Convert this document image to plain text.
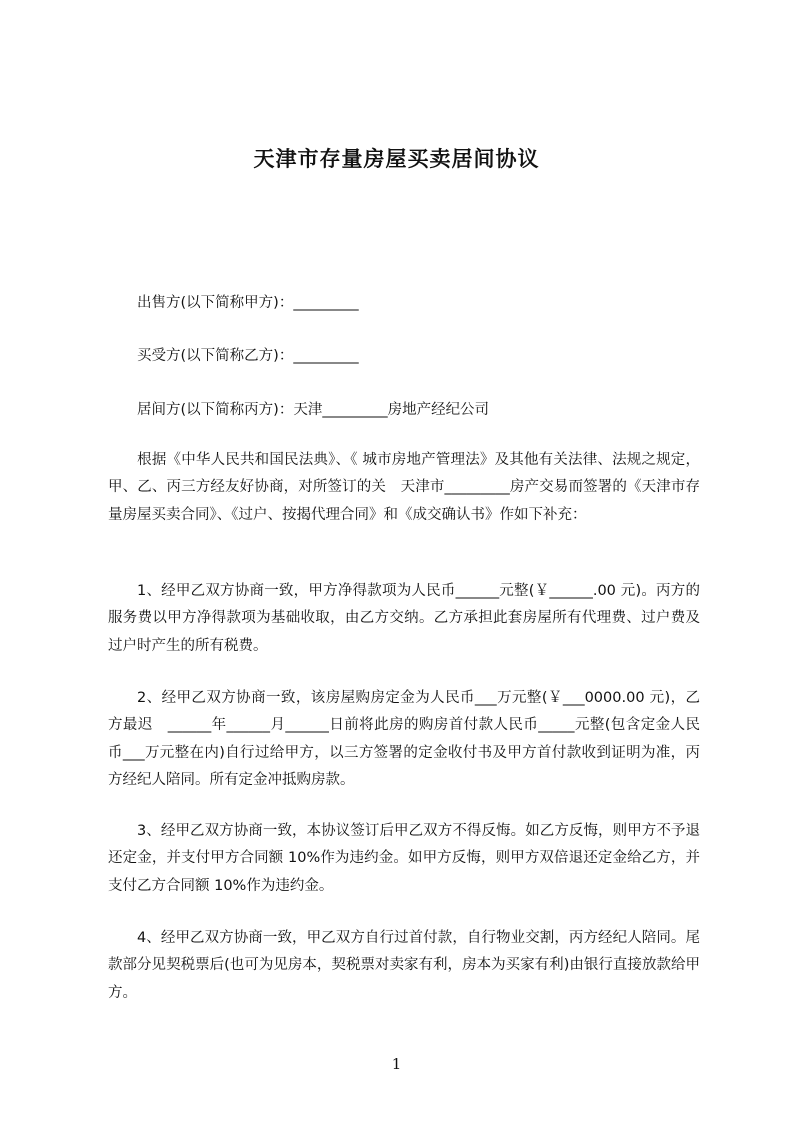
天津市存量房屋买卖居间协议
出售方(以下简称甲方)：_________
买受方(以下简称乙方)：_________
居间方(以下简称丙方)：天津_________房地产经纪公司

根据《中华人民共和国民法典》、《 城市房地产管理法》及其他有关法律、法规之规定，甲、乙、丙三方经友好协商，对所签订的关　天津市_________房产交易而签署的《天津市存量房屋买卖合同》、《过户、按揭代理合同》和《成交确认书》作如下补充：

1、经甲乙双方协商一致，甲方净得款项为人民币______元整(￥______.00 元)。丙方的服务费以甲方净得款项为基础收取，由乙方交纳。乙方承担此套房屋所有代理费、过户费及过户时产生的所有税费。

2、经甲乙双方协商一致，该房屋购房定金为人民币___万元整(￥___0000.00 元)，乙方最迟　______年______月______日前将此房的购房首付款人民币_____元整(包含定金人民币___万元整在内)自行过给甲方，以三方签署的定金收付书及甲方首付款收到证明为准，丙方经纪人陪同。所有定金冲抵购房款。

3、经甲乙双方协商一致，本协议签订后甲乙双方不得反悔。如乙方反悔，则甲方不予退还定金，并支付甲方合同额 10%作为违约金。如甲方反悔，则甲方双倍退还定金给乙方，并支付乙方合同额 10%作为违约金。

4、经甲乙双方协商一致，甲乙双方自行过首付款，自行物业交割，丙方经纪人陪同。尾款部分见契税票后(也可为见房本，契税票对卖家有利，房本为买家有利)由银行直接放款给甲方。

1
